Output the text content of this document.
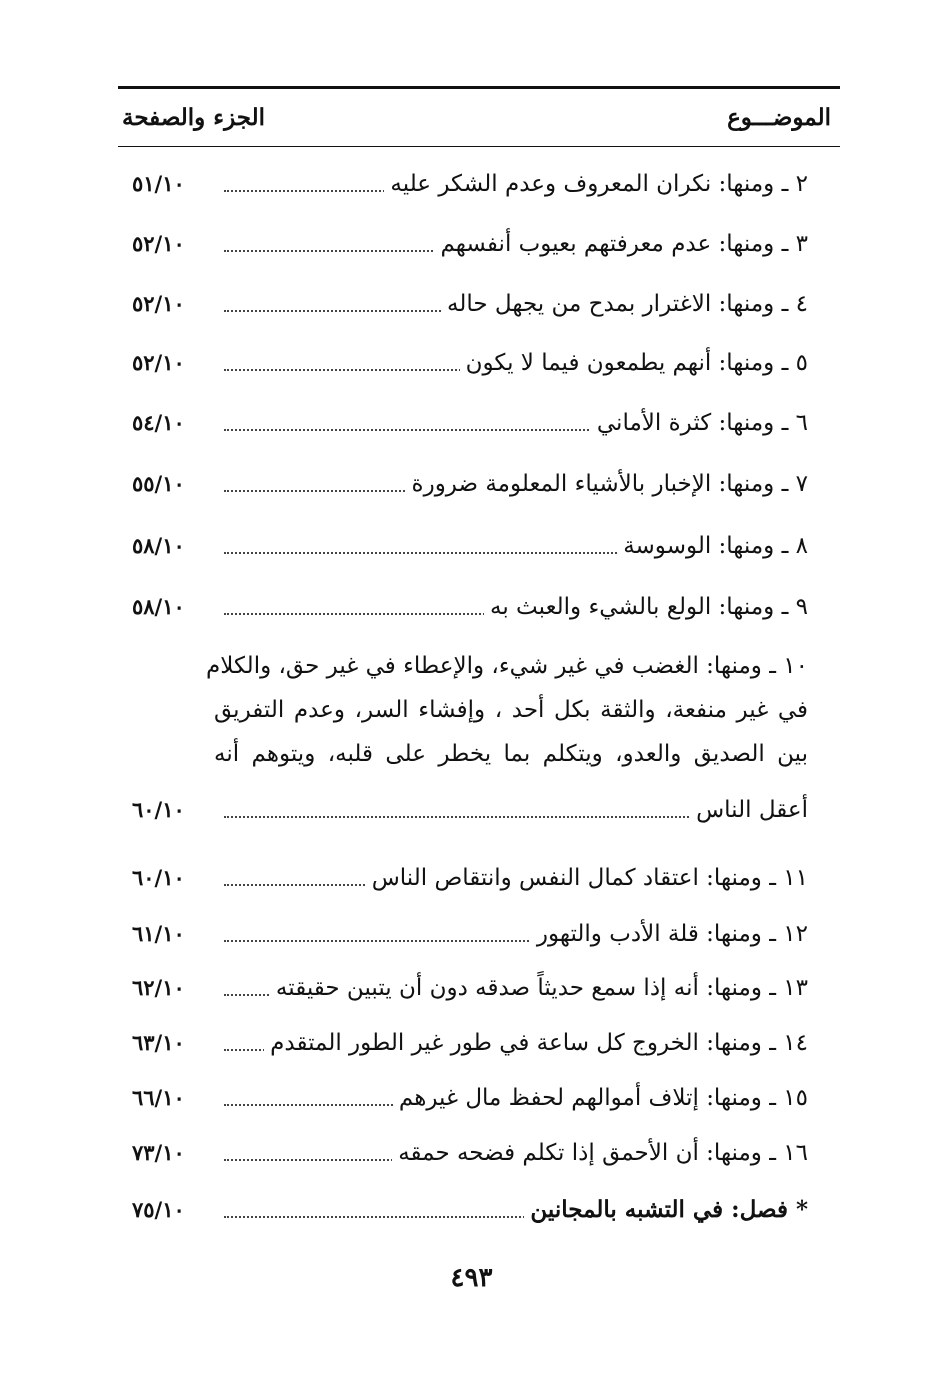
الموضـــوع
الجزء والصفحة
٢ ـ ومنها: نكران المعروف وعدم الشكر عليه
٥١/١٠
٣ ـ ومنها: عدم معرفتهم بعيوب أنفسهم
٥٢/١٠
٤ ـ ومنها: الاغترار بمدح من يجهل حاله
٥٢/١٠
٥ ـ ومنها: أنهم يطمعون فيما لا يكون
٥٢/١٠
٦ ـ ومنها: كثرة الأماني
٥٤/١٠
٧ ـ ومنها: الإخبار بالأشياء المعلومة ضرورة
٥٥/١٠
٨ ـ ومنها: الوسوسة
٥٨/١٠
٩ ـ ومنها: الولع بالشيء والعبث به
٥٨/١٠
١٠ ـ ومنها: الغضب في غير شيء، والإعطاء في غير حق، والكلام
في غير منفعة، والثقة بكل أحد ، وإفشاء السر، وعدم التفريق
بين الصديق والعدو، ويتكلم بما يخطر على قلبه، ويتوهم أنه
أعقل الناس
٦٠/١٠
١١ ـ ومنها: اعتقاد كمال النفس وانتقاص الناس
٦٠/١٠
١٢ ـ ومنها: قلة الأدب والتهور
٦١/١٠
١٣ ـ ومنها: أنه إذا سمع حديثاً صدقه دون أن يتبين حقيقته
٦٢/١٠
١٤ ـ ومنها: الخروج كل ساعة في طور غير الطور المتقدم
٦٣/١٠
١٥ ـ ومنها: إتلاف أموالهم لحفظ مال غيرهم
٦٦/١٠
١٦ ـ ومنها: أن الأحمق إذا تكلم فضحه حمقه
٧٣/١٠
* فصل: في التشبه بالمجانين
٧٥/١٠
٤٩٣
